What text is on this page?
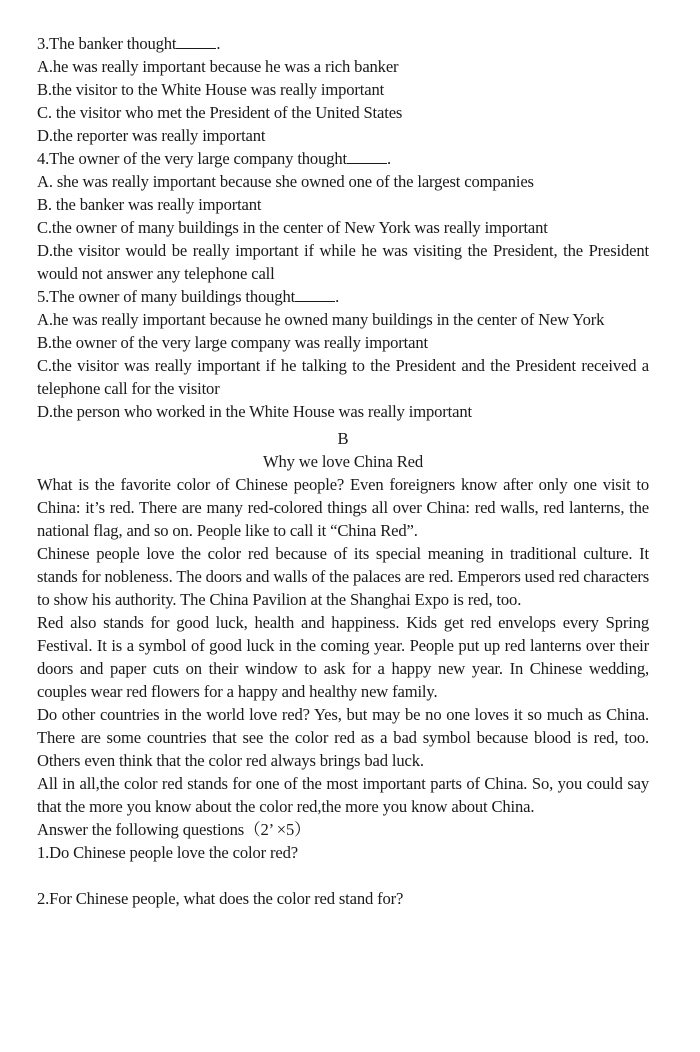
3.The banker thought .
A.he was really important because he was a rich banker
B.the visitor to the White House was really important
C. the visitor who met the President of the United States
D.the reporter was really important
4.The owner of the very large company thought .
A. she was really important because she owned one of the largest companies
B. the banker was really important
C.the owner of many buildings in the center of New York was really important
D.the visitor would be really important if while he was visiting the President, the President would not answer any telephone call
5.The owner of many buildings thought .
A.he was really important because he owned many buildings in the center of New York
B.the owner of the very large company was really important
C.the visitor was really important if he talking to the President and the President received a telephone call for the visitor
D.the person who worked in the White House was really important
B
Why we love China Red
What is the favorite color of Chinese people? Even foreigners know after only one visit to China: it’s red. There are many red-colored things all over China: red walls, red lanterns, the national flag, and so on. People like to call it “China Red”.
Chinese people love the color red because of its special meaning in traditional culture. It stands for nobleness. The doors and walls of the palaces are red. Emperors used red characters to show his authority. The China Pavilion at the Shanghai Expo is red, too.
Red also stands for good luck, health and happiness. Kids get red envelops every Spring Festival. It is a symbol of good luck in the coming year. People put up red lanterns over their doors and paper cuts on their window to ask for a happy new year. In Chinese wedding, couples wear red flowers for a happy and healthy new family.
Do other countries in the world love red? Yes, but may be no one loves it so much as China. There are some countries that see the color red as a bad symbol because blood is red, too. Others even think that the color red always brings bad luck.
All in all,the color red stands for one of the most important parts of China. So, you could say that the more you know about the color red,the more you know about China.
Answer the following questions（2’ ×5）
1.Do Chinese people love the color red?
2.For Chinese people, what does the color red stand for?
